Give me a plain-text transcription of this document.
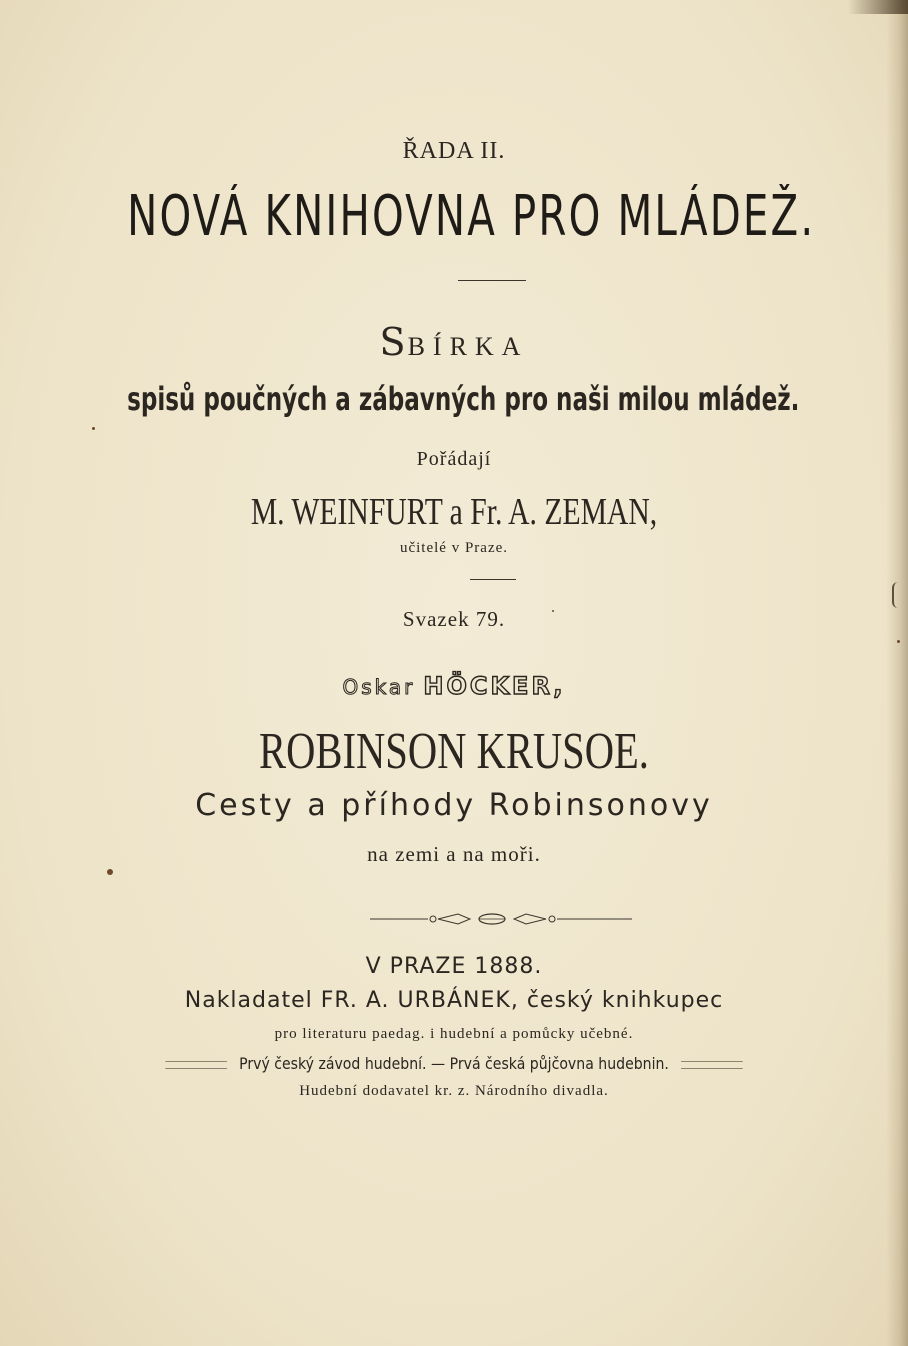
ŘADA II.
NOVÁ KNIHOVNA PRO MLÁDEŽ.
SBÍRKA
spisů poučných a zábavných pro naši milou mládež.
Pořádají
M. WEINFURT a Fr. A. ZEMAN,
učitelé v Praze.
Svazek 79.
Oskar HÖCKER,
ROBINSON KRUSOE.
Cesty a příhody Robinsonovy
na zemi a na moři.
V PRAZE 1888.
Nakladatel FR. A. URBÁNEK, český knihkupec
pro literaturu paedag. i hudební a pomůcky učebné.
Prvý český závod hudební. — Prvá česká půjčovna hudebnin.
Hudební dodavatel kr. z. Národního divadla.
